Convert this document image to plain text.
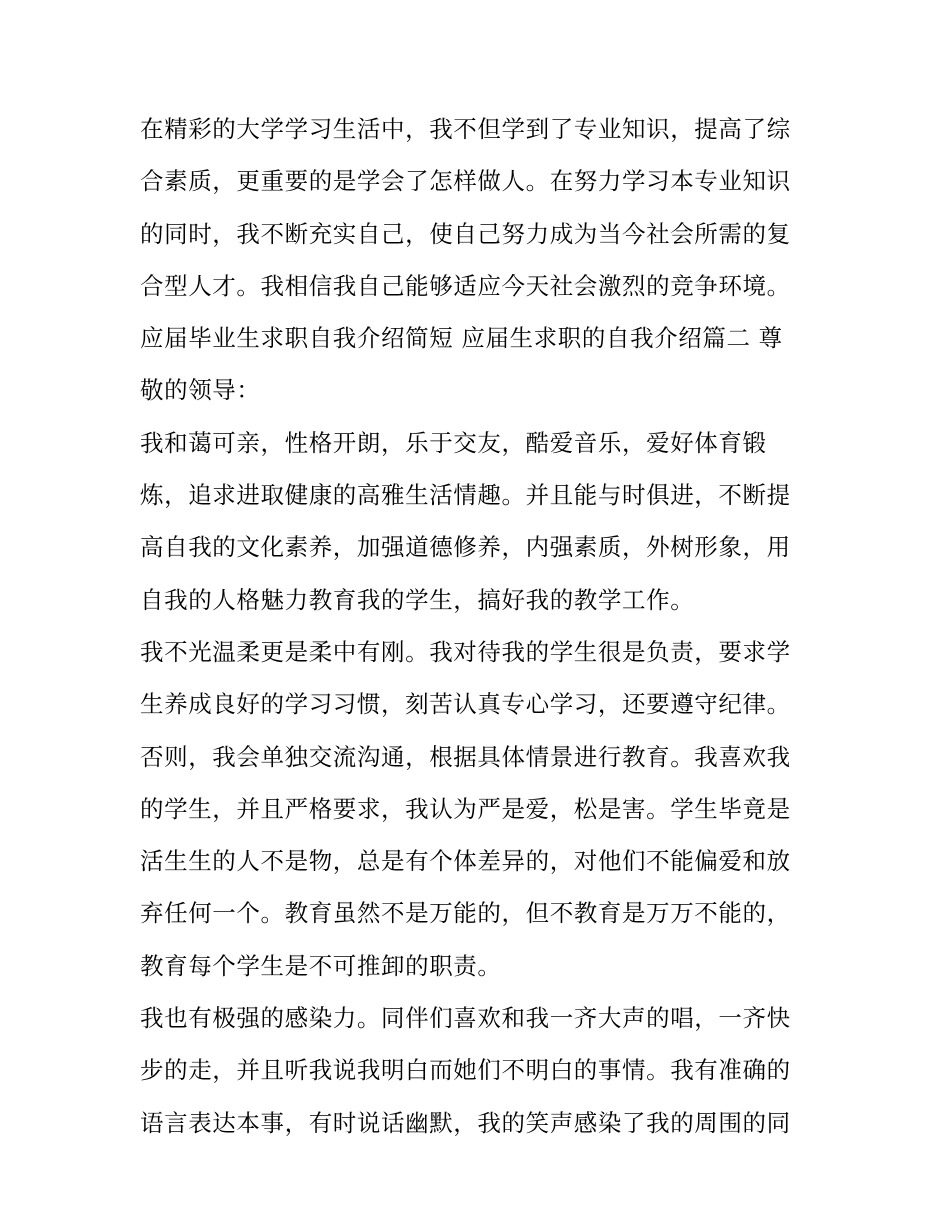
在精彩的大学学习生活中，我不但学到了专业知识，提高了综
合素质，更重要的是学会了怎样做人。在努力学习本专业知识
的同时，我不断充实自己，使自己努力成为当今社会所需的复
合型人才。我相信我自己能够适应今天社会激烈的竞争环境。

应届毕业生求职自我介绍简短 应届生求职的自我介绍篇二 尊
敬的领导：

我和蔼可亲，性格开朗，乐于交友，酷爱音乐，爱好体育锻
炼，追求进取健康的高雅生活情趣。并且能与时俱进，不断提
高自我的文化素养，加强道德修养，内强素质，外树形象，用
自我的人格魅力教育我的学生，搞好我的教学工作。

我不光温柔更是柔中有刚。我对待我的学生很是负责，要求学
生养成良好的学习习惯，刻苦认真专心学习，还要遵守纪律。
否则，我会单独交流沟通，根据具体情景进行教育。我喜欢我
的学生，并且严格要求，我认为严是爱，松是害。学生毕竟是
活生生的人不是物，总是有个体差异的，对他们不能偏爱和放
弃任何一个。教育虽然不是万能的，但不教育是万万不能的，
教育每个学生是不可推卸的职责。

我也有极强的感染力。同伴们喜欢和我一齐大声的唱，一齐快
步的走，并且听我说我明白而她们不明白的事情。我有准确的
语言表达本事，有时说话幽默，我的笑声感染了我的周围的同
